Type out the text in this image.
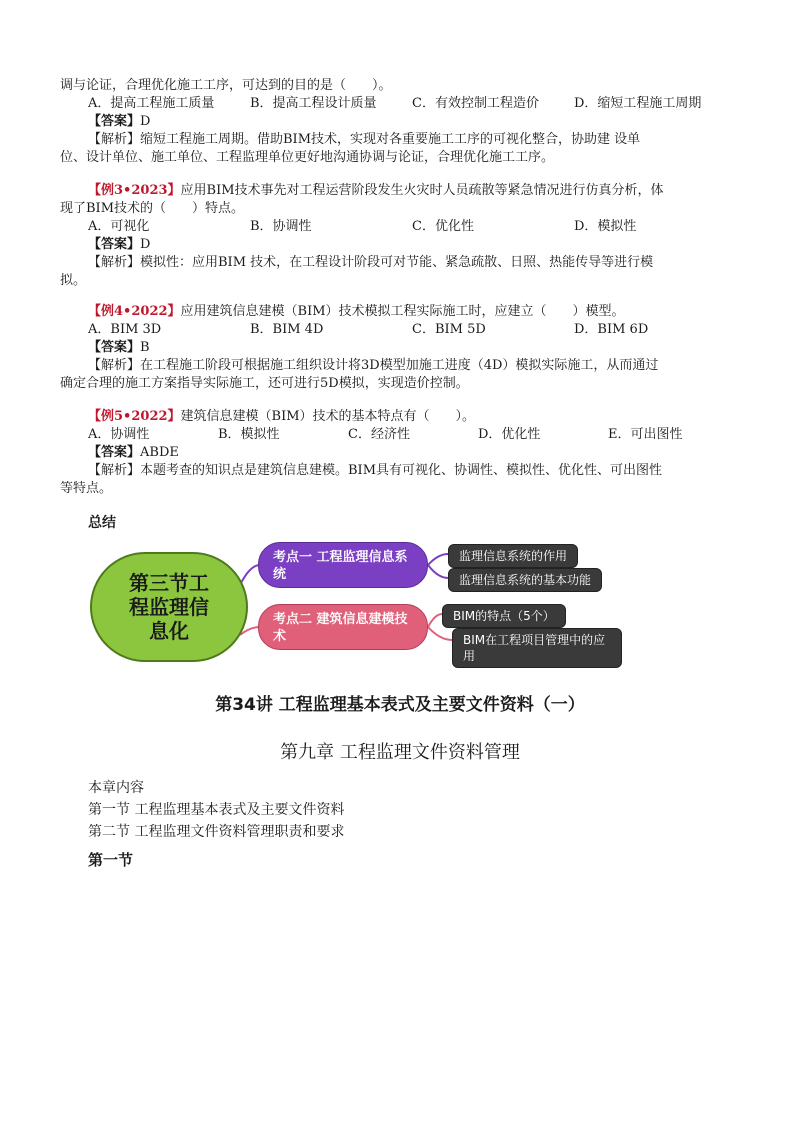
调与论证，合理优化施工工序，可达到的目的是（　　）。
A．提高工程施工质量	B．提高工程设计质量	C．有效控制工程造价	D．缩短工程施工周期
【答案】D
【解析】缩短工程施工周期。借助BIM技术，实现对各重要施工工序的可视化整合，协助建 设单
位、设计单位、施工单位、工程监理单位更好地沟通协调与论证，合理优化施工工序。
【例3•2023】应用BIM技术事先对工程运营阶段发生火灾时人员疏散等紧急情况进行仿真分析，体
现了BIM技术的（　　）特点。
A．可视化	B．协调性	C．优化性	D．模拟性
【答案】D
【解析】模拟性：应用BIM 技术，在工程设计阶段可对节能、紧急疏散、日照、热能传导等进行模
拟。
【例4•2022】应用建筑信息建模（BIM）技术模拟工程实际施工时，应建立（　　）模型。
A．BIM 3D	B．BIM 4D	C．BIM 5D	D．BIM 6D
【答案】B
【解析】在工程施工阶段可根据施工组织设计将3D模型加施工进度（4D）模拟实际施工，从而通过
确定合理的施工方案指导实际施工，还可进行5D模拟，实现造价控制。
【例5•2022】建筑信息建模（BIM）技术的基本特点有（　　）。
A．协调性	B．模拟性	C．经济性	D．优化性	E．可出图性
【答案】ABDE
【解析】本题考查的知识点是建筑信息建模。BIM具有可视化、协调性、模拟性、优化性、可出图性
等特点。
总结
第三节工程监理信息化
考点一 工程监理信息系统
考点二 建筑信息建模技术
监理信息系统的作用
监理信息系统的基本功能
BIM的特点（5个）
BIM在工程项目管理中的应用
第34讲 工程监理基本表式及主要文件资料（一）
第九章 工程监理文件资料管理
本章内容
第一节 工程监理基本表式及主要文件资料
第二节 工程监理文件资料管理职责和要求
第一节
